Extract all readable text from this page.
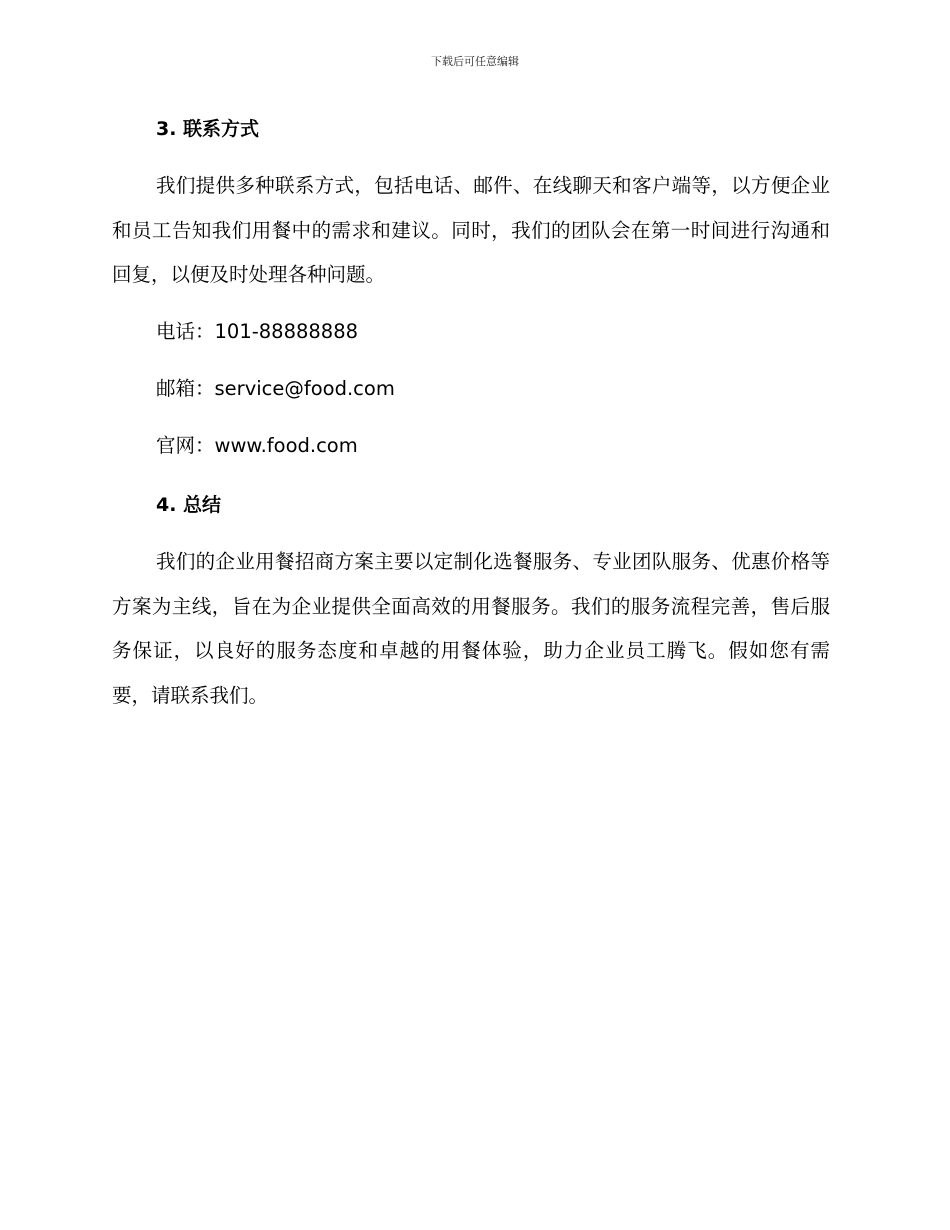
下载后可任意编辑
3. 联系方式

我们提供多种联系方式，包括电话、邮件、在线聊天和客户端等，以方便企业和员工告知我们用餐中的需求和建议。同时，我们的团队会在第一时间进行沟通和回复，以便及时处理各种问题。

电话：101-88888888
邮箱：service@food.com
官网：www.food.com
4. 总结

我们的企业用餐招商方案主要以定制化选餐服务、专业团队服务、优惠价格等方案为主线，旨在为企业提供全面高效的用餐服务。我们的服务流程完善，售后服务保证，以良好的服务态度和卓越的用餐体验，助力企业员工腾飞。假如您有需要，请联系我们。
